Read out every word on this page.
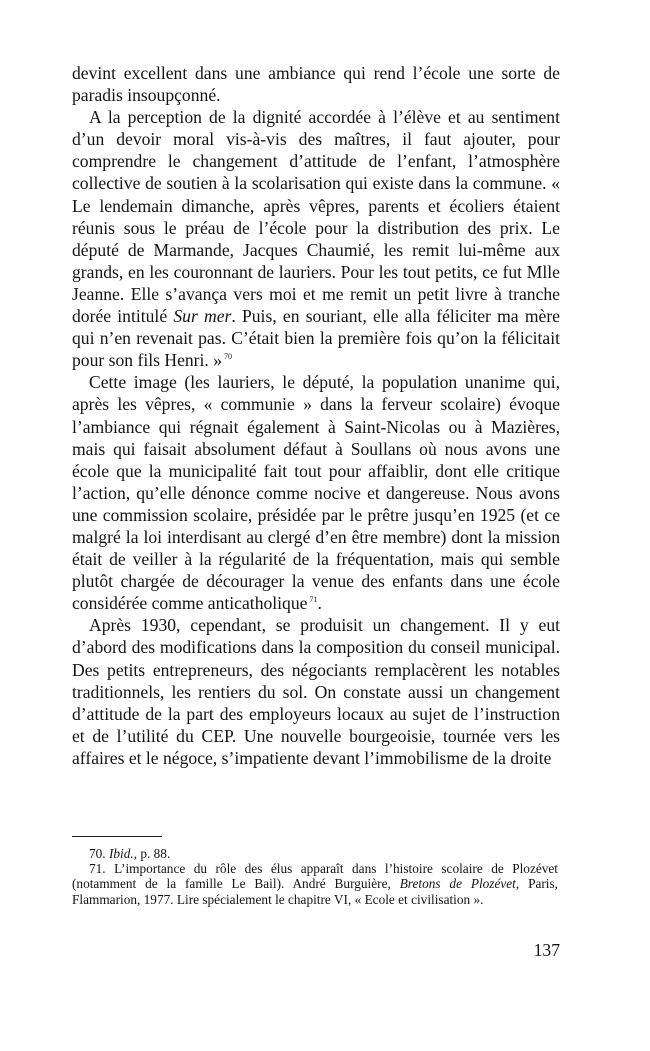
devint excellent dans une ambiance qui rend l’école une sorte de paradis insoupçonné.

A la perception de la dignité accordée à l’élève et au sentiment d’un devoir moral vis-à-vis des maîtres, il faut ajouter, pour comprendre le changement d’attitude de l’enfant, l’atmosphère collective de soutien à la scolarisation qui existe dans la commune. « Le lendemain dimanche, après vêpres, parents et écoliers étaient réunis sous le préau de l’école pour la distribution des prix. Le député de Marmande, Jacques Chaumié, les remit lui-même aux grands, en les couronnant de lauriers. Pour les tout petits, ce fut Mlle Jeanne. Elle s’avança vers moi et me remit un petit livre à tranche dorée intitulé Sur mer. Puis, en souriant, elle alla féliciter ma mère qui n’en revenait pas. C’était bien la première fois qu’on la félicitait pour son fils Henri. » $^{70}$

Cette image (les lauriers, le député, la population unanime qui, après les vêpres, « communie » dans la ferveur scolaire) évoque l’ambiance qui régnait également à Saint-Nicolas ou à Mazières, mais qui faisait absolument défaut à Soullans où nous avons une école que la municipalité fait tout pour affaiblir, dont elle critique l’action, qu’elle dénonce comme nocive et dangereuse. Nous avons une commission scolaire, présidée par le prêtre jusqu’en 1925 (et ce malgré la loi interdisant au clergé d’en être membre) dont la mission était de veiller à la régularité de la fréquentation, mais qui semble plutôt chargée de décourager la venue des enfants dans une école considérée comme anticatholique $^{71}$.

Après 1930, cependant, se produisit un changement. Il y eut d’abord des modifications dans la composition du conseil municipal. Des petits entrepreneurs, des négociants remplacèrent les notables traditionnels, les rentiers du sol. On constate aussi un changement d’attitude de la part des employeurs locaux au sujet de l’instruction et de l’utilité du CEP. Une nouvelle bourgeoisie, tournée vers les affaires et le négoce, s’impatiente devant l’immobilisme de la droite

70. Ibid., p. 88.

71. L’importance du rôle des élus apparaît dans l’histoire scolaire de Plozévet (notamment de la famille Le Bail). André Burguière, Bretons de Plozévet, Paris, Flammarion, 1977. Lire spécialement le chapitre VI, « Ecole et civilisation ».

137
